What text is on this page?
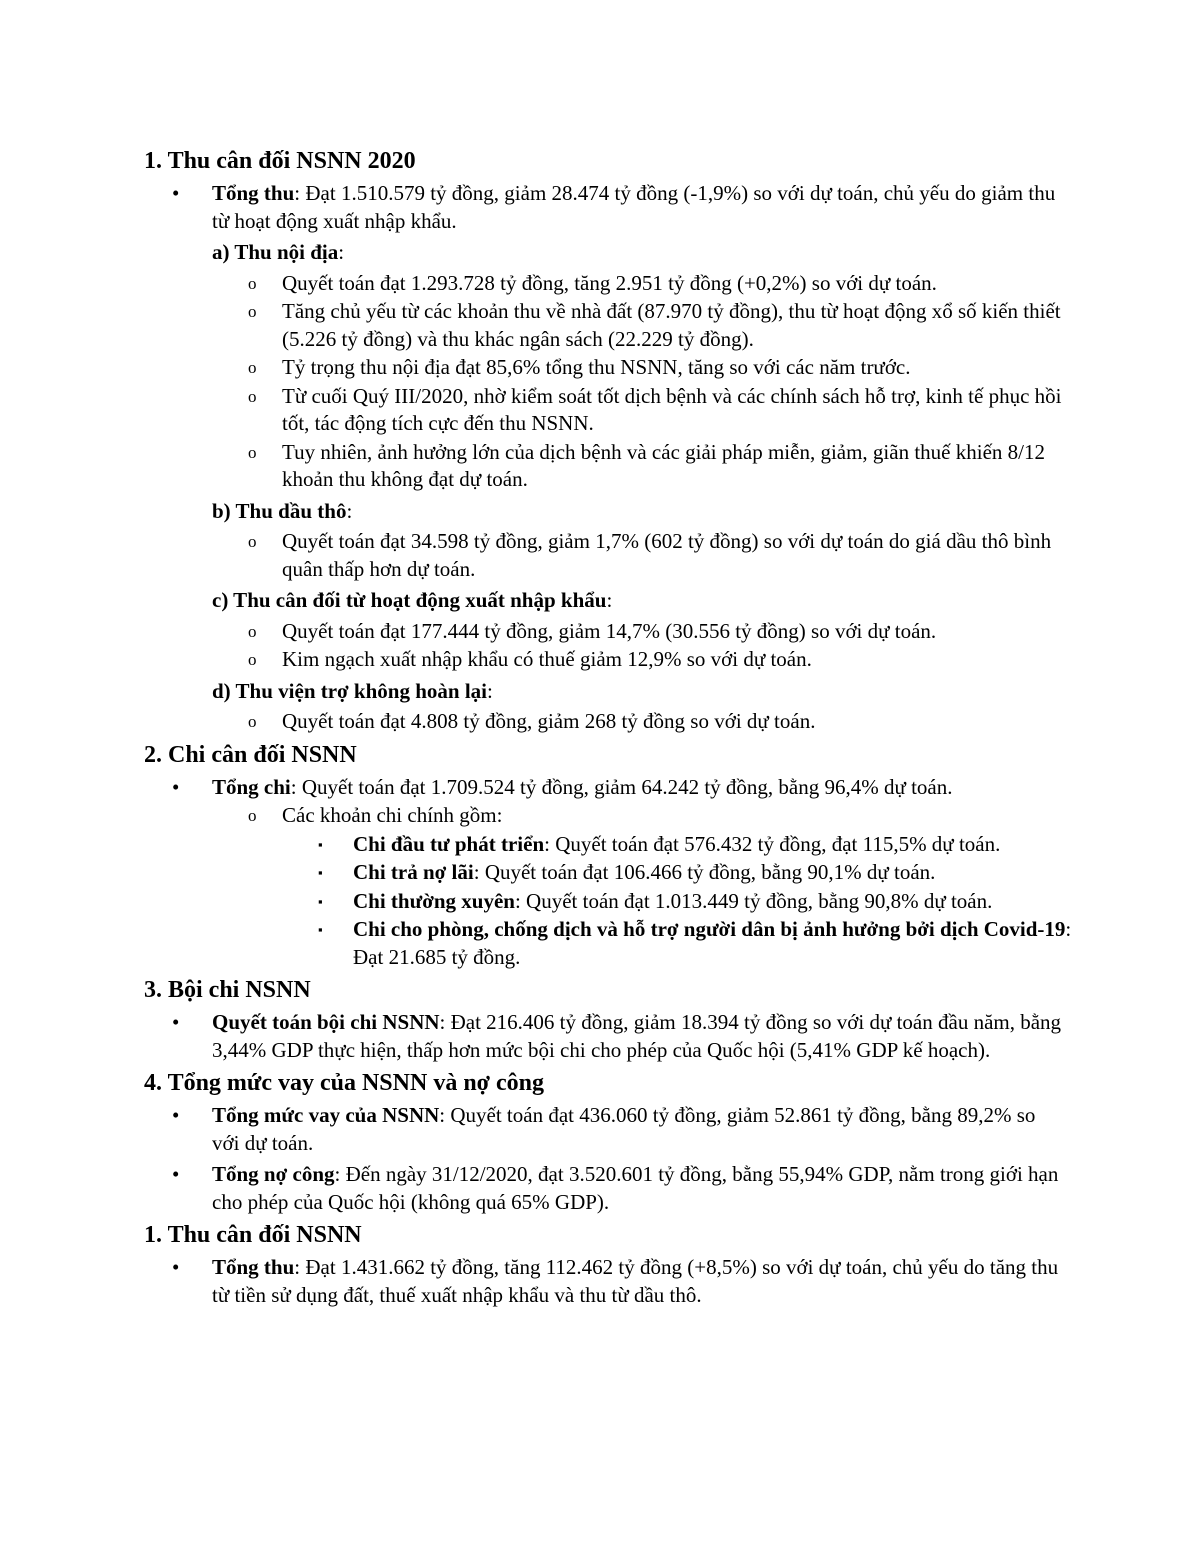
1. Thu cân đối NSNN 2020

• Tổng thu: Đạt 1.510.579 tỷ đồng, giảm 28.474 tỷ đồng (-1,9%) so với dự toán, chủ yếu do giảm thu từ hoạt động xuất nhập khẩu.
a) Thu nội địa:
o Quyết toán đạt 1.293.728 tỷ đồng, tăng 2.951 tỷ đồng (+0,2%) so với dự toán.
o Tăng chủ yếu từ các khoản thu về nhà đất (87.970 tỷ đồng), thu từ hoạt động xổ số kiến thiết (5.226 tỷ đồng) và thu khác ngân sách (22.229 tỷ đồng).
o Tỷ trọng thu nội địa đạt 85,6% tổng thu NSNN, tăng so với các năm trước.
o Từ cuối Quý III/2020, nhờ kiểm soát tốt dịch bệnh và các chính sách hỗ trợ, kinh tế phục hồi tốt, tác động tích cực đến thu NSNN.
o Tuy nhiên, ảnh hưởng lớn của dịch bệnh và các giải pháp miễn, giảm, giãn thuế khiến 8/12 khoản thu không đạt dự toán.
b) Thu dầu thô:
o Quyết toán đạt 34.598 tỷ đồng, giảm 1,7% (602 tỷ đồng) so với dự toán do giá dầu thô bình quân thấp hơn dự toán.
c) Thu cân đối từ hoạt động xuất nhập khẩu:
o Quyết toán đạt 177.444 tỷ đồng, giảm 14,7% (30.556 tỷ đồng) so với dự toán.
o Kim ngạch xuất nhập khẩu có thuế giảm 12,9% so với dự toán.
d) Thu viện trợ không hoàn lại:
o Quyết toán đạt 4.808 tỷ đồng, giảm 268 tỷ đồng so với dự toán.

2. Chi cân đối NSNN

• Tổng chi: Quyết toán đạt 1.709.524 tỷ đồng, giảm 64.242 tỷ đồng, bằng 96,4% dự toán.
o Các khoản chi chính gồm:
▪ Chi đầu tư phát triển: Quyết toán đạt 576.432 tỷ đồng, đạt 115,5% dự toán.
▪ Chi trả nợ lãi: Quyết toán đạt 106.466 tỷ đồng, bằng 90,1% dự toán.
▪ Chi thường xuyên: Quyết toán đạt 1.013.449 tỷ đồng, bằng 90,8% dự toán.
▪ Chi cho phòng, chống dịch và hỗ trợ người dân bị ảnh hưởng bởi dịch Covid-19: Đạt 21.685 tỷ đồng.

3. Bội chi NSNN

• Quyết toán bội chi NSNN: Đạt 216.406 tỷ đồng, giảm 18.394 tỷ đồng so với dự toán đầu năm, bằng 3,44% GDP thực hiện, thấp hơn mức bội chi cho phép của Quốc hội (5,41% GDP kế hoạch).

4. Tổng mức vay của NSNN và nợ công

• Tổng mức vay của NSNN: Quyết toán đạt 436.060 tỷ đồng, giảm 52.861 tỷ đồng, bằng 89,2% so với dự toán.
• Tổng nợ công: Đến ngày 31/12/2020, đạt 3.520.601 tỷ đồng, bằng 55,94% GDP, nằm trong giới hạn cho phép của Quốc hội (không quá 65% GDP).

1. Thu cân đối NSNN

• Tổng thu: Đạt 1.431.662 tỷ đồng, tăng 112.462 tỷ đồng (+8,5%) so với dự toán, chủ yếu do tăng thu từ tiền sử dụng đất, thuế xuất nhập khẩu và thu từ dầu thô.
